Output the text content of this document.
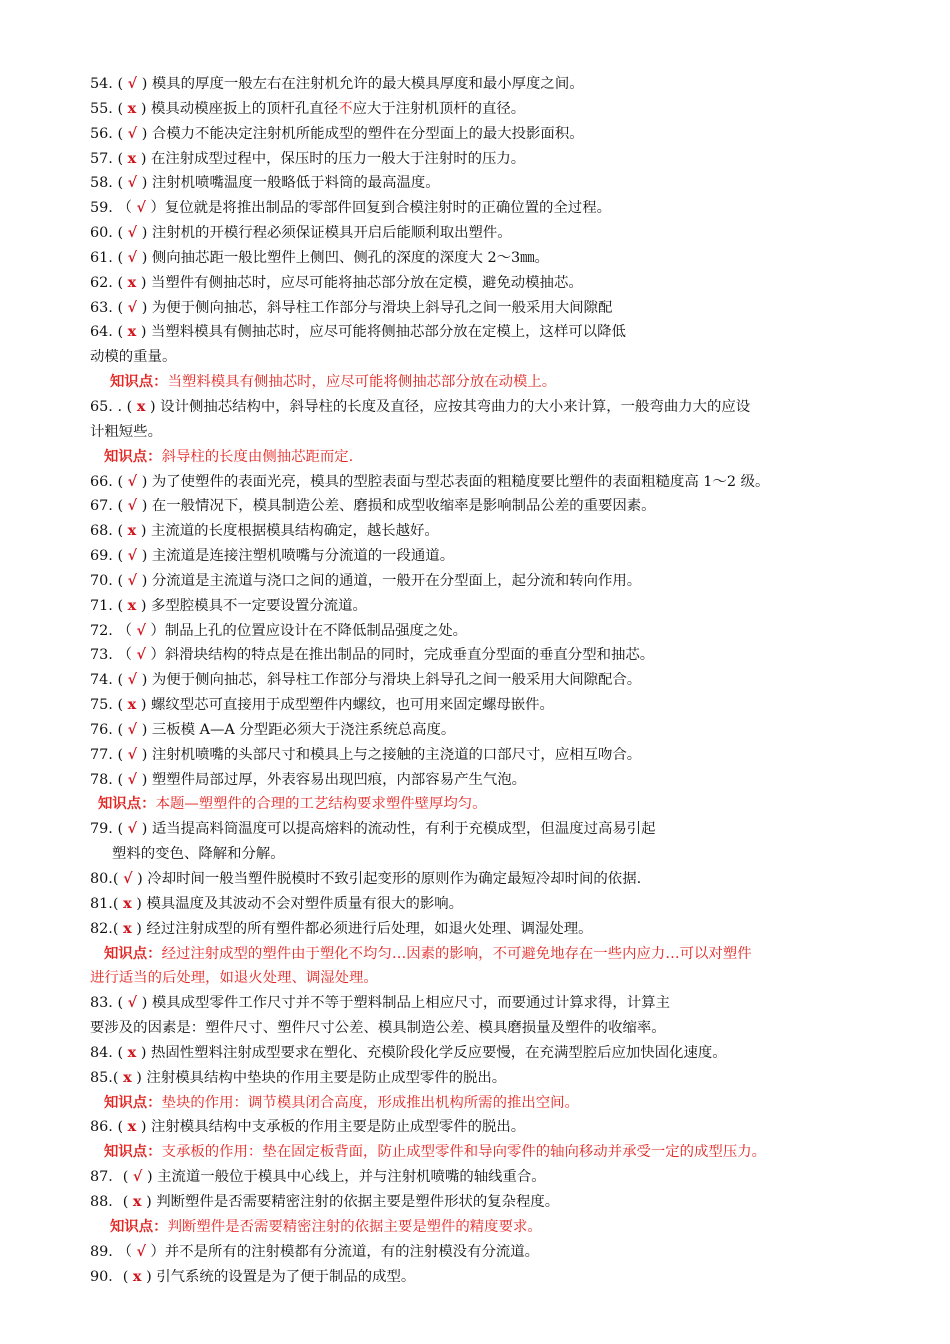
54. ( √ ) 模具的厚度一般左右在注射机允许的最大模具厚度和最小厚度之间。
55. ( x ) 模具动模座扳上的顶杆孔直径不应大于注射机顶杆的直径。
56. ( √ ) 合模力不能决定注射机所能成型的塑件在分型面上的最大投影面积。
57. ( x ) 在注射成型过程中，保压时的压力一般大于注射时的压力。
58. ( √ ) 注射机喷嘴温度一般略低于料筒的最高温度。
59. （ √ ）复位就是将推出制品的零部件回复到合模注射时的正确位置的全过程。
60. ( √ ) 注射机的开模行程必须保证模具开启后能顺利取出塑件。
61. ( √ ) 侧向抽芯距一般比塑件上侧凹、侧孔的深度的深度大 2～3㎜。
62. ( x ) 当塑件有侧抽芯时，应尽可能将抽芯部分放在定模，避免动模抽芯。
63. ( √ ) 为便于侧向抽芯，斜导柱工作部分与滑块上斜导孔之间一般采用大间隙配
64. ( x ) 当塑料模具有侧抽芯时，应尽可能将侧抽芯部分放在定模上，这样可以降低
动模的重量。
知识点：当塑料模具有侧抽芯时，应尽可能将侧抽芯部分放在动模上。
65. . ( x ) 设计侧抽芯结构中，斜导柱的长度及直径，应按其弯曲力的大小来计算，一般弯曲力大的应设
计粗短些。
知识点：斜导柱的长度由侧抽芯距而定.
66. ( √ ) 为了使塑件的表面光亮，模具的型腔表面与型芯表面的粗糙度要比塑件的表面粗糙度高 1～2 级。
67. ( √ ) 在一般情况下，模具制造公差、磨损和成型收缩率是影响制品公差的重要因素。
68. ( x ) 主流道的长度根据模具结构确定，越长越好。
69. ( √ ) 主流道是连接注塑机喷嘴与分流道的一段通道。
70. ( √ ) 分流道是主流道与浇口之间的通道，一般开在分型面上，起分流和转向作用。
71. ( x ) 多型腔模具不一定要设置分流道。
72. （ √ ）制品上孔的位置应设计在不降低制品强度之处。
73. （ √ ）斜滑块结构的特点是在推出制品的同时，完成垂直分型面的垂直分型和抽芯。
74. ( √ ) 为便于侧向抽芯，斜导柱工作部分与滑块上斜导孔之间一般采用大间隙配合。
75. ( x ) 螺纹型芯可直接用于成型塑件内螺纹，也可用来固定螺母嵌件。
76. ( √ ) 三板模 A—A 分型距必须大于浇注系统总高度。
77. ( √ ) 注射机喷嘴的头部尺寸和模具上与之接触的主浇道的口部尺寸，应相互吻合。
78. ( √ ) 塑塑件局部过厚，外表容易出现凹痕，内部容易产生气泡。
知识点：本题—塑塑件的合理的工艺结构要求塑件壁厚均匀。
79. ( √ ) 适当提高料筒温度可以提高熔料的流动性，有利于充模成型，但温度过高易引起
塑料的变色、降解和分解。
80.( √ ) 冷却时间一般当塑件脱模时不致引起变形的原则作为确定最短冷却时间的依据.
81.( x ) 模具温度及其波动不会对塑件质量有很大的影响。
82.( x ) 经过注射成型的所有塑件都必须进行后处理，如退火处理、调湿处理。
知识点：经过注射成型的塑件由于塑化不均匀…因素的影响，不可避免地存在一些内应力…可以对塑件
进行适当的后处理，如退火处理、调湿处理。
83. ( √ ) 模具成型零件工作尺寸并不等于塑料制品上相应尺寸，而要通过计算求得，计算主
要涉及的因素是：塑件尺寸、塑件尺寸公差、模具制造公差、模具磨损量及塑件的收缩率。
84. ( x ) 热固性塑料注射成型要求在塑化、充模阶段化学反应要慢，在充满型腔后应加快固化速度。
85.( x ) 注射模具结构中垫块的作用主要是防止成型零件的脱出。
知识点：垫块的作用：调节模具闭合高度，形成推出机构所需的推出空间。
86. ( x ) 注射模具结构中支承板的作用主要是防止成型零件的脱出。
知识点：支承板的作用：垫在固定板背面，防止成型零件和导向零件的轴向移动并承受一定的成型压力。
87．( √ ) 主流道一般位于模具中心线上，并与注射机喷嘴的轴线重合。
88．( x ) 判断塑件是否需要精密注射的依据主要是塑件形状的复杂程度。
知识点：判断塑件是否需要精密注射的依据主要是塑件的精度要求。
89. （ √ ）并不是所有的注射模都有分流道，有的注射模没有分流道。
90．( x ) 引气系统的设置是为了便于制品的成型。
